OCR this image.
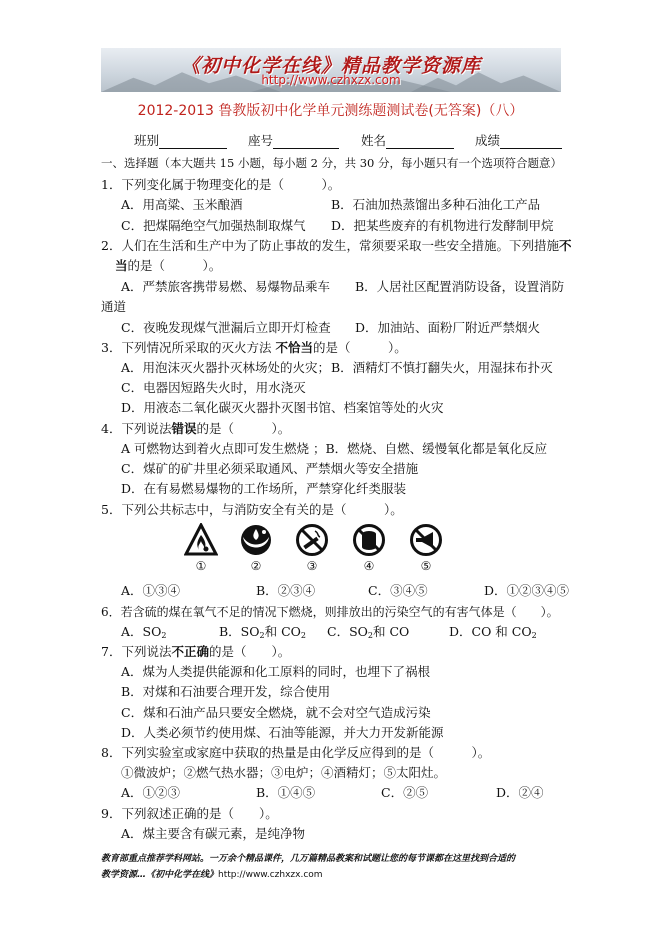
《初中化学在线》精品教学资源库
http://www.czhxzx.com
2012-2013 鲁教版初中化学单元测练题测试卷(无答案)（八）
班别	座号	姓名	成绩
一、选择题（本大题共 15 小题，每小题 2 分，共 30 分，每小题只有一个选项符合题意）
1．下列变化属于物理变化的是（　　　）。
A．用高粱、玉米酿酒	B．石油加热蒸馏出多种石油化工产品
C．把煤隔绝空气加强热制取煤气 D．把某些废弃的有机物进行发酵制甲烷
2．人们在生活和生产中为了防止事故的发生，常须要采取一些安全措施。下列措施不
当的是（　　　）。
A．严禁旅客携带易燃、易爆物品乘车 B．人居社区配置消防设备，设置消防
通道
C．夜晚发现煤气泄漏后立即开灯检查 D．加油站、面粉厂附近严禁烟火
3．下列情况所采取的灭火方法 不恰当的是（　　　）。
A．用泡沫灭火器扑灭林场处的火灾； B．酒精灯不慎打翻失火，用湿抹布扑灭
C．电器因短路失火时，用水浇灭
D．用液态二氧化碳灭火器扑灭图书馆、档案馆等处的火灾
4．下列说法错误的是（　　　）。
A 可燃物达到着火点即可发生燃烧 ；B．燃烧、自燃、缓慢氧化都是氧化反应
C．煤矿的矿井里必须采取通风、严禁烟火等安全措施
D．在有易燃易爆物的工作场所，严禁穿化纤类服装
5．下列公共标志中，与消防安全有关的是（　　　）。
①	②	③	④	⑤
A．①③④	B．②③④	C．③④⑤	D．①②③④⑤
6．若含硫的煤在氧气不足的情况下燃烧，则排放出的污染空气的有害气体是（　　）。
A．$SO_2$	B．$SO_2$和 $CO_2$ C．$SO_2$和 CO	D．CO 和 $CO_2$
7．下列说法不正确的是（　　）。
A．煤为人类提供能源和化工原料的同时，也埋下了祸根
B．对煤和石油要合理开发，综合使用
C．煤和石油产品只要安全燃烧，就不会对空气造成污染
D．人类必须节约使用煤、石油等能源，并大力开发新能源
8．下列实验室或家庭中获取的热量是由化学反应得到的是（　　　）。
①微波炉；②燃气热水器；③电炉；④酒精灯；⑤太阳灶。
A．①②③	B．①④⑤	C．②⑤	D．②④
9．下列叙述正确的是（　　）。
A．煤主要含有碳元素，是纯净物
教育部重点推荐学科网站。一万余个精品课件，几万篇精品教案和试题让您的每节课都在这里找到合适的
教学资源…《初中化学在线》http://www.czhxzx.com
